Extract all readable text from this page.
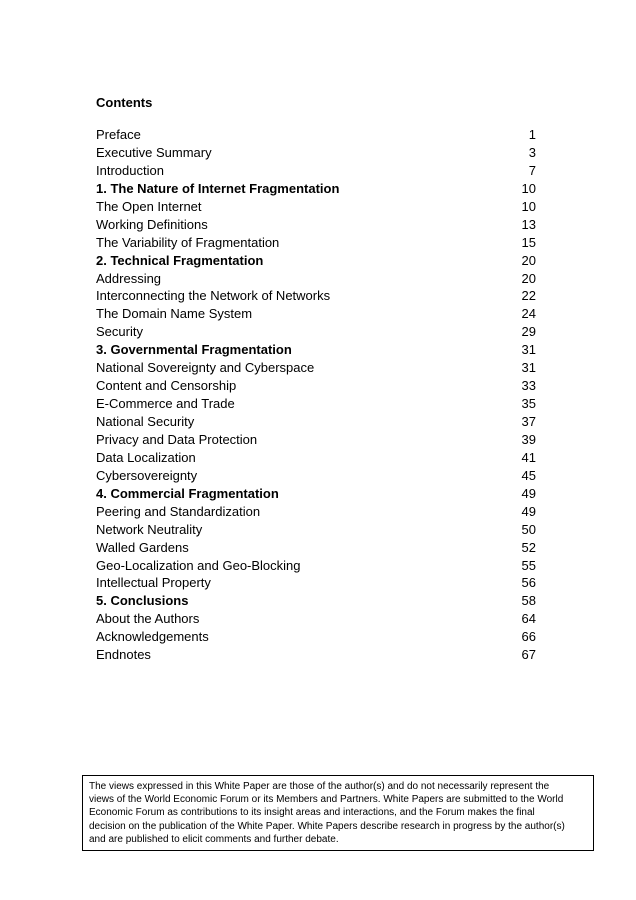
Contents
Preface	1
Executive Summary	3
Introduction	7
1. The Nature of Internet Fragmentation	10
The Open Internet	10
Working Definitions	13
The Variability of Fragmentation	15
2. Technical Fragmentation	20
Addressing	20
Interconnecting the Network of Networks	22
The Domain Name System	24
Security	29
3. Governmental Fragmentation	31
National Sovereignty and Cyberspace	31
Content and Censorship	33
E-Commerce and Trade	35
National Security	37
Privacy and Data Protection	39
Data Localization	41
Cybersovereignty	45
4. Commercial Fragmentation	49
Peering and Standardization	49
Network Neutrality	50
Walled Gardens	52
Geo-Localization and Geo-Blocking	55
Intellectual Property	56
5. Conclusions	58
About the Authors	64
Acknowledgements	66
Endnotes	67
The views expressed in this White Paper are those of the author(s) and do not necessarily represent the
views of the World Economic Forum or its Members and Partners. White Papers are submitted to the World
Economic Forum as contributions to its insight areas and interactions, and the Forum makes the final
decision on the publication of the White Paper. White Papers describe research in progress by the author(s)
and are published to elicit comments and further debate.
